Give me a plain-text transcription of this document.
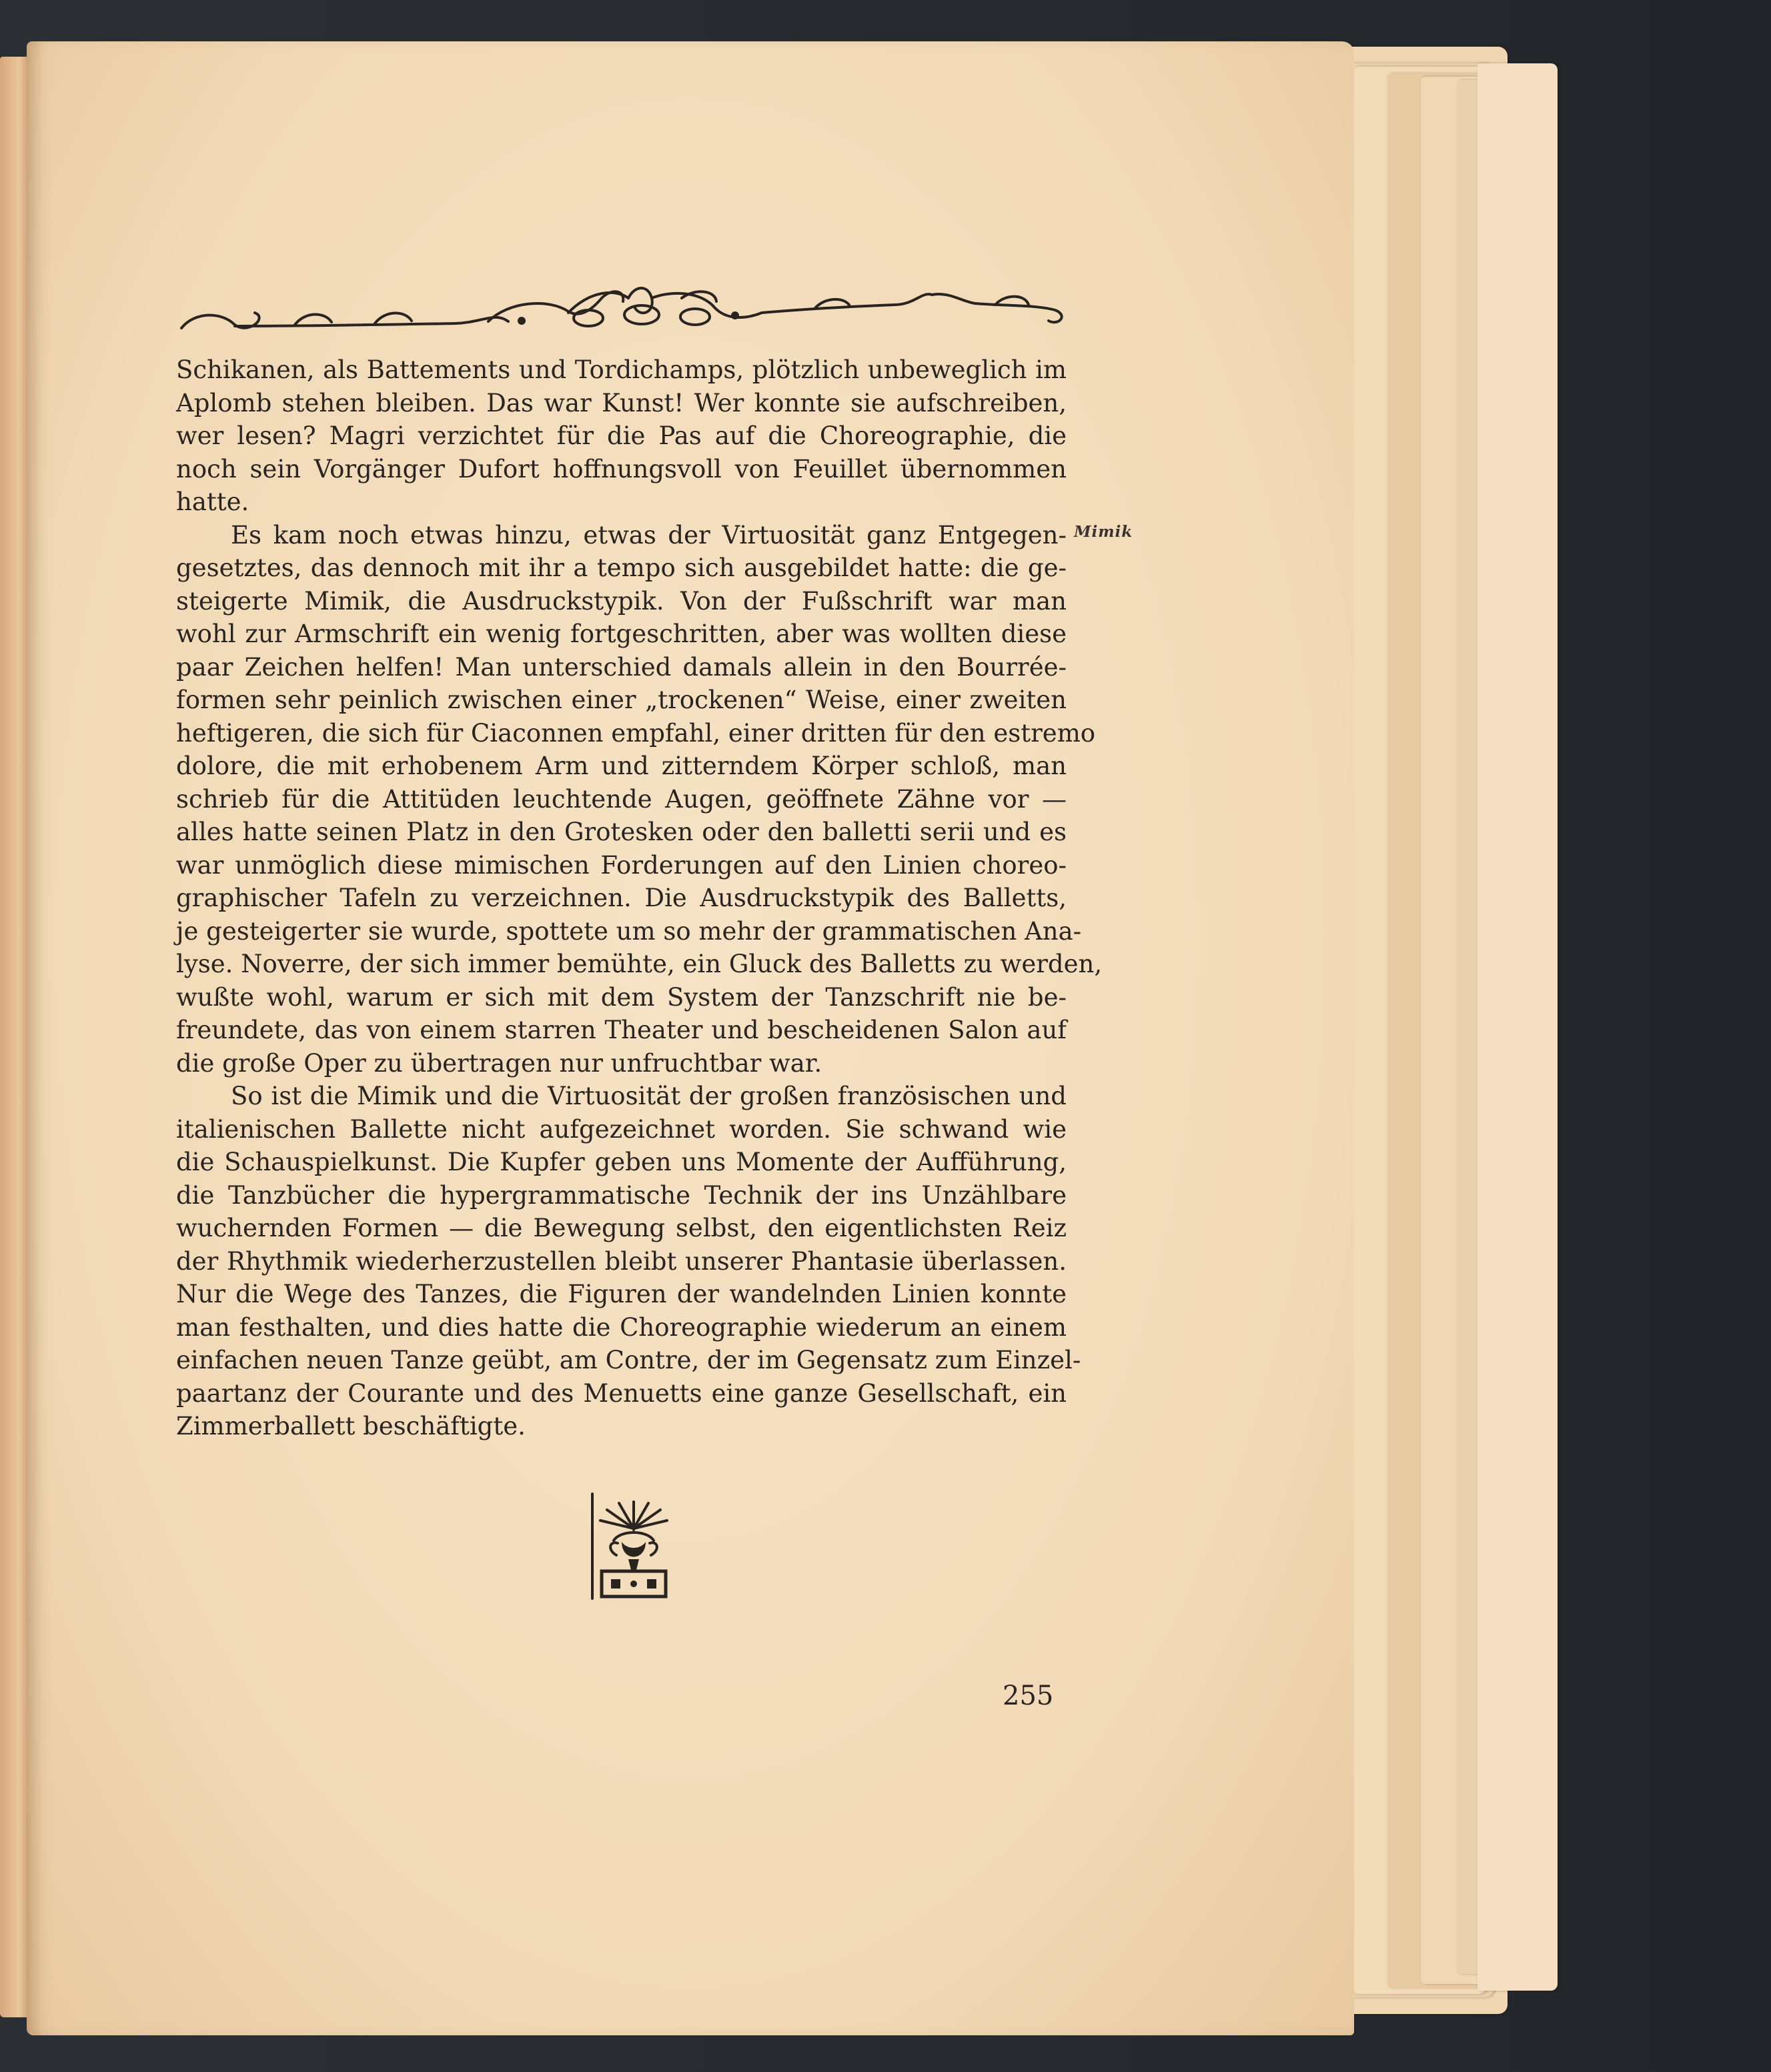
Schikanen, als Battements und Tordichamps, plötzlich unbeweglich im
Aplomb stehen bleiben. Das war Kunst! Wer konnte sie aufschreiben,
wer lesen? Magri verzichtet für die Pas auf die Choreographie, die
noch sein Vorgänger Dufort hoffnungsvoll von Feuillet übernommen
hatte.

Es kam noch etwas hinzu, etwas der Virtuosität ganz Entgegen-
gesetztes, das dennoch mit ihr a tempo sich ausgebildet hatte: die ge-
steigerte Mimik, die Ausdruckstypik. Von der Fußschrift war man
wohl zur Armschrift ein wenig fortgeschritten, aber was wollten diese
paar Zeichen helfen! Man unterschied damals allein in den Bourrée-
formen sehr peinlich zwischen einer „trockenen“ Weise, einer zweiten
heftigeren, die sich für Ciaconnen empfahl, einer dritten für den estremo
dolore, die mit erhobenem Arm und zitterndem Körper schloß, man
schrieb für die Attitüden leuchtende Augen, geöffnete Zähne vor —
alles hatte seinen Platz in den Grotesken oder den balletti serii und es
war unmöglich diese mimischen Forderungen auf den Linien choreo-
graphischer Tafeln zu verzeichnen. Die Ausdruckstypik des Balletts,
je gesteigerter sie wurde, spottete um so mehr der grammatischen Ana-
lyse. Noverre, der sich immer bemühte, ein Gluck des Balletts zu werden,
wußte wohl, warum er sich mit dem System der Tanzschrift nie be-
freundete, das von einem starren Theater und bescheidenen Salon auf
die große Oper zu übertragen nur unfruchtbar war.

So ist die Mimik und die Virtuosität der großen französischen und
italienischen Ballette nicht aufgezeichnet worden. Sie schwand wie
die Schauspielkunst. Die Kupfer geben uns Momente der Aufführung,
die Tanzbücher die hypergrammatische Technik der ins Unzählbare
wuchernden Formen — die Bewegung selbst, den eigentlichsten Reiz
der Rhythmik wiederherzustellen bleibt unserer Phantasie überlassen.
Nur die Wege des Tanzes, die Figuren der wandelnden Linien konnte
man festhalten, und dies hatte die Choreographie wiederum an einem
einfachen neuen Tanze geübt, am Contre, der im Gegensatz zum Einzel-
paartanz der Courante und des Menuetts eine ganze Gesellschaft, ein
Zimmerballett beschäftigte.

Mimik
255
